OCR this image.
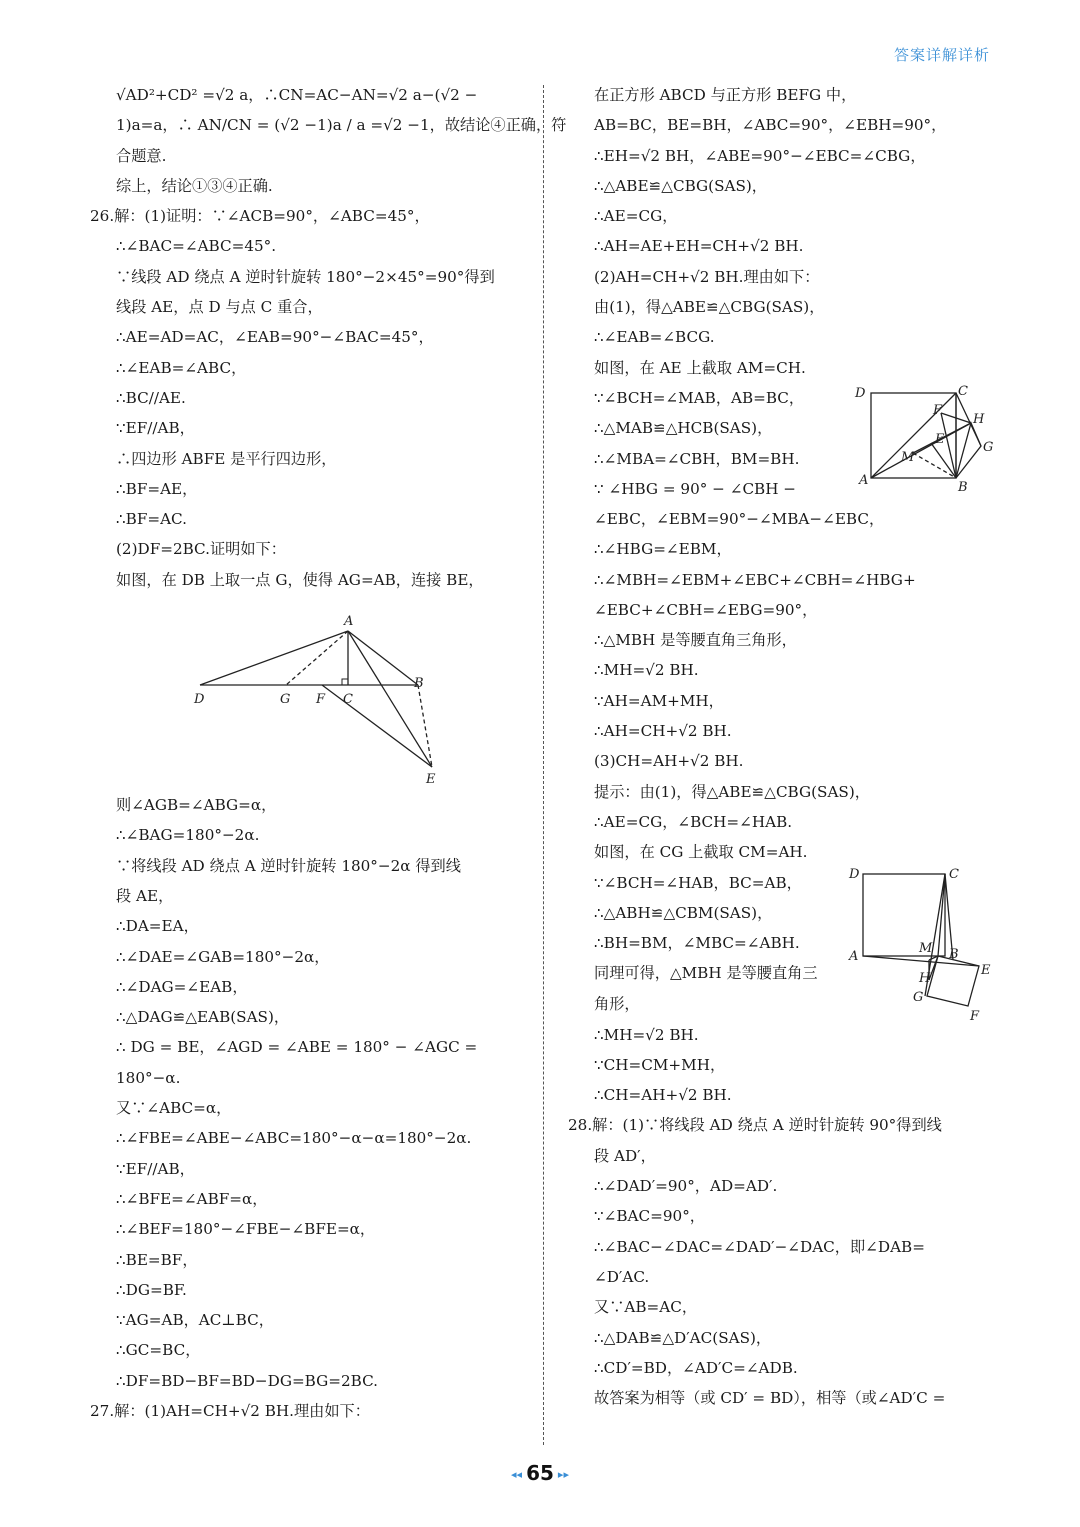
答案详解详析
√AD²+CD² =√2 a，∴CN=AC−AN=√2 a−(√2 −
1)a=a，∴ AN/CN = (√2 −1)a / a =√2 −1，故结论④正确，符
合题意.
综上，结论①③④正确.
26.解：(1)证明：∵∠ACB=90°，∠ABC=45°，
∴∠BAC=∠ABC=45°.
∵线段 AD 绕点 A 逆时针旋转 180°−2×45°=90°得到
线段 AE，点 D 与点 C 重合，
∴AE=AD=AC，∠EAB=90°−∠BAC=45°，
∴∠EAB=∠ABC，
∴BC//AE.
∵EF//AB，
∴四边形 ABFE 是平行四边形，
∴BF=AE，
∴BF=AC.
(2)DF=2BC.证明如下：
如图，在 DB 上取一点 G，使得 AG=AB，连接 BE，
A
D	G F C
B
E
则∠AGB=∠ABG=α，
∴∠BAG=180°−2α.
∵将线段 AD 绕点 A 逆时针旋转 180°−2α 得到线
段 AE，
∴DA=EA，
∴∠DAE=∠GAB=180°−2α，
∴∠DAG=∠EAB，
∴△DAG≌△EAB(SAS)，
∴ DG = BE，∠AGD = ∠ABE = 180° − ∠AGC =
180°−α.
又∵∠ABC=α，
∴∠FBE=∠ABE−∠ABC=180°−α−α=180°−2α.
∵EF//AB，
∴∠BFE=∠ABF=α，
∴∠BEF=180°−∠FBE−∠BFE=α，
∴BE=BF，
∴DG=BF.
∵AG=AB，AC⊥BC，
∴GC=BC，
∴DF=BD−BF=BD−DG=BG=2BC.
27.解：(1)AH=CH+√2 BH.理由如下：
在正方形 ABCD 与正方形 BEFG 中，
AB=BC，BE=BH，∠ABC=90°，∠EBH=90°，
∴EH=√2 BH，∠ABE=90°−∠EBC=∠CBG，
∴△ABE≌△CBG(SAS)，
∴AE=CG，
∴AH=AE+EH=CH+√2 BH.
(2)AH=CH+√2 BH.理由如下：
由(1)，得△ABE≌△CBG(SAS)，
∴∠EAB=∠BCG.
如图，在 AE 上截取 AM=CH.
∵∠BCH=∠MAB，AB=BC，
∴△MAB≌△HCB(SAS)，
∴∠MBA=∠CBH，BM=BH.
∵ ∠HBG = 90° − ∠CBH −
D	C
F
H
G
E
M
A	B
∠EBC，∠EBM=90°−∠MBA−∠EBC，
∴∠HBG=∠EBM，
∴∠MBH=∠EBM+∠EBC+∠CBH=∠HBG+
∠EBC+∠CBH=∠EBG=90°，
∴△MBH 是等腰直角三角形，
∴MH=√2 BH.
∵AH=AM+MH，
∴AH=CH+√2 BH.
(3)CH=AH+√2 BH.
提示：由(1)，得△ABE≌△CBG(SAS)，
∴AE=CG，∠BCH=∠HAB.
如图，在 CG 上截取 CM=AH.
∵∠BCH=∠HAB，BC=AB，
∴△ABH≌△CBM(SAS)，
∴BH=BM，∠MBC=∠ABH.
同理可得，△MBH 是等腰直角三
角形，
D	C
M B
A
E
H
G
F
∴MH=√2 BH.
∵CH=CM+MH，
∴CH=AH+√2 BH.
28.解：(1)∵将线段 AD 绕点 A 逆时针旋转 90°得到线
段 AD′，
∴∠DAD′=90°，AD=AD′.
∵∠BAC=90°，
∴∠BAC−∠DAC=∠DAD′−∠DAC，即∠DAB=
∠D′AC.
又∵AB=AC，
∴△DAB≌△D′AC(SAS)，
∴CD′=BD，∠AD′C=∠ADB.
故答案为相等（或 CD′ = BD），相等（或∠AD′C =
◂◂ 65 ▸▸
